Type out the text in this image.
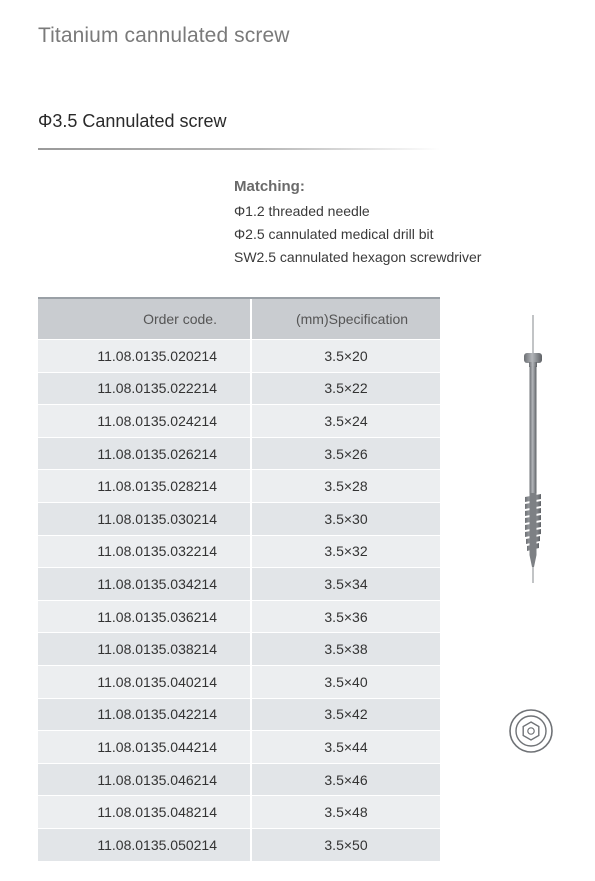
Titanium cannulated screw
Φ3.5 Cannulated screw
Matching:
Φ1.2 threaded needle
Φ2.5 cannulated medical drill bit
SW2.5 cannulated hexagon screwdriver
Order code.	(mm)Specification
11.08.0135.020214	3.5×20
11.08.0135.022214	3.5×22
11.08.0135.024214	3.5×24
11.08.0135.026214	3.5×26
11.08.0135.028214	3.5×28
11.08.0135.030214	3.5×30
11.08.0135.032214	3.5×32
11.08.0135.034214	3.5×34
11.08.0135.036214	3.5×36
11.08.0135.038214	3.5×38
11.08.0135.040214	3.5×40
11.08.0135.042214	3.5×42
11.08.0135.044214	3.5×44
11.08.0135.046214	3.5×46
11.08.0135.048214	3.5×48
11.08.0135.050214	3.5×50
